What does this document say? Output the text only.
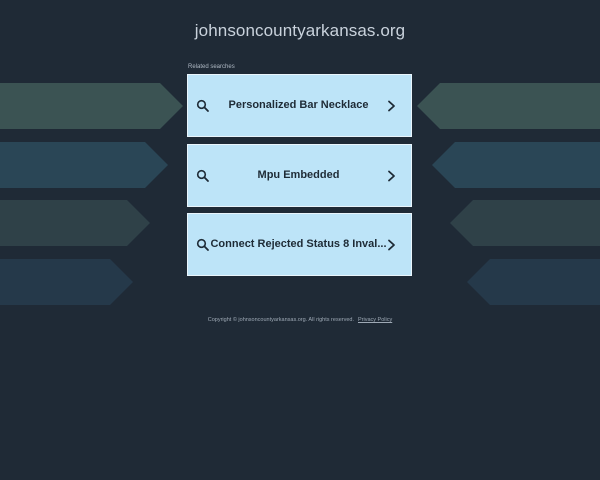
johnsoncountyarkansas.org
Related searches
Personalized Bar Necklace
Mpu Embedded
Connect Rejected Status 8 Inval...
Copyright © johnsoncountyarkansas.org. All rights reserved. Privacy Policy
